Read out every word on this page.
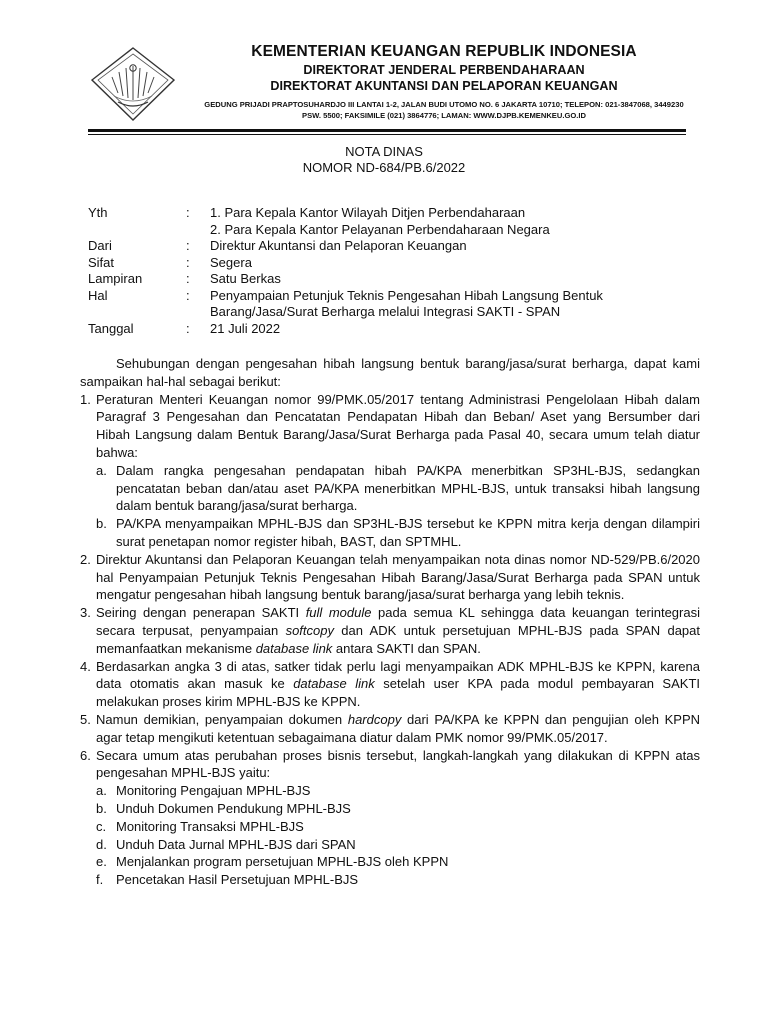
KEMENTERIAN KEUANGAN REPUBLIK INDONESIA
DIREKTORAT JENDERAL PERBENDAHARAAN
DIREKTORAT AKUNTANSI DAN PELAPORAN KEUANGAN
GEDUNG PRIJADI PRAPTOSUHARDJO III LANTAI 1-2, JALAN BUDI UTOMO NO. 6 JAKARTA 10710; TELEPON: 021-3847068, 3449230 PSW. 5500; FAKSIMILE (021) 3864776; LAMAN: WWW.DJPB.KEMENKEU.GO.ID
NOTA DINAS
NOMOR ND-684/PB.6/2022
Yth	:	1. Para Kepala Kantor Wilayah Ditjen Perbendaharaan
2. Para Kepala Kantor Pelayanan Perbendaharaan Negara
Dari	:	Direktur Akuntansi dan Pelaporan Keuangan
Sifat	:	Segera
Lampiran	:	Satu Berkas
Hal	:	Penyampaian Petunjuk Teknis Pengesahan Hibah Langsung Bentuk
Barang/Jasa/Surat Berharga melalui Integrasi SAKTI - SPAN
Tanggal	:	21 Juli 2022

Sehubungan dengan pengesahan hibah langsung bentuk barang/jasa/surat berharga, dapat kami sampaikan hal-hal sebagai berikut:

1. Peraturan Menteri Keuangan nomor 99/PMK.05/2017 tentang Administrasi Pengelolaan Hibah dalam Paragraf 3 Pengesahan dan Pencatatan Pendapatan Hibah dan Beban/ Aset yang Bersumber dari Hibah Langsung dalam Bentuk Barang/Jasa/Surat Berharga pada Pasal 40, secara umum telah diatur bahwa:

a. Dalam rangka pengesahan pendapatan hibah PA/KPA menerbitkan SP3HL-BJS, sedangkan pencatatan beban dan/atau aset PA/KPA menerbitkan MPHL-BJS, untuk transaksi hibah langsung dalam bentuk barang/jasa/surat berharga.

b. PA/KPA menyampaikan MPHL-BJS dan SP3HL-BJS tersebut ke KPPN mitra kerja dengan dilampiri surat penetapan nomor register hibah, BAST, dan SPTMHL.

2. Direktur Akuntansi dan Pelaporan Keuangan telah menyampaikan nota dinas nomor ND-529/PB.6/2020 hal Penyampaian Petunjuk Teknis Pengesahan Hibah Barang/Jasa/Surat Berharga pada SPAN untuk mengatur pengesahan hibah langsung bentuk barang/jasa/surat berharga yang lebih teknis.

3. Seiring dengan penerapan SAKTI full module pada semua KL sehingga data keuangan terintegrasi secara terpusat, penyampaian softcopy dan ADK untuk persetujuan MPHL-BJS pada SPAN dapat memanfaatkan mekanisme database link antara SAKTI dan SPAN.

4. Berdasarkan angka 3 di atas, satker tidak perlu lagi menyampaikan ADK MPHL-BJS ke KPPN, karena data otomatis akan masuk ke database link setelah user KPA pada modul pembayaran SAKTI melakukan proses kirim MPHL-BJS ke KPPN.

5. Namun demikian, penyampaian dokumen hardcopy dari PA/KPA ke KPPN dan pengujian oleh KPPN agar tetap mengikuti ketentuan sebagaimana diatur dalam PMK nomor 99/PMK.05/2017.

6. Secara umum atas perubahan proses bisnis tersebut, langkah-langkah yang dilakukan di KPPN atas pengesahan MPHL-BJS yaitu:

a. Monitoring Pengajuan MPHL-BJS
b. Unduh Dokumen Pendukung MPHL-BJS
c. Monitoring Transaksi MPHL-BJS
d. Unduh Data Jurnal MPHL-BJS dari SPAN
e. Menjalankan program persetujuan MPHL-BJS oleh KPPN
f. Pencetakan Hasil Persetujuan MPHL-BJS
